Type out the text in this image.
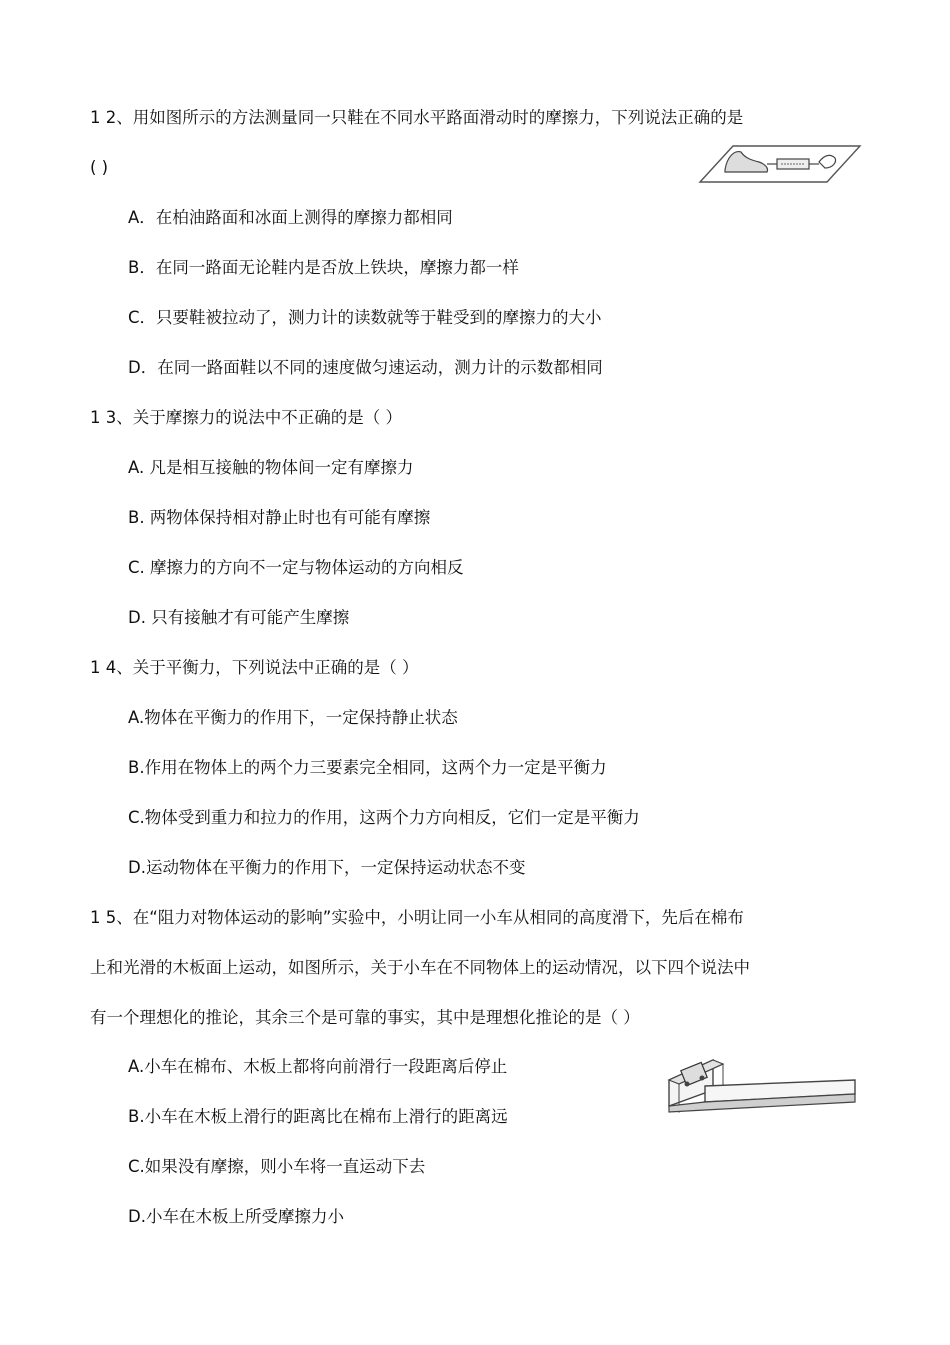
1 2、用如图所示的方法测量同一只鞋在不同水平路面滑动时的摩擦力，下列说法正确的是
( )
A．在柏油路面和冰面上测得的摩擦力都相同
B．在同一路面无论鞋内是否放上铁块，摩擦力都一样
C．只要鞋被拉动了，测力计的读数就等于鞋受到的摩擦力的大小
D．在同一路面鞋以不同的速度做匀速运动，测力计的示数都相同
1 3、关于摩擦力的说法中不正确的是（ ）
A. 凡是相互接触的物体间一定有摩擦力
B. 两物体保持相对静止时也有可能有摩擦
C. 摩擦力的方向不一定与物体运动的方向相反
D. 只有接触才有可能产生摩擦
1 4、关于平衡力，下列说法中正确的是（ ）
A.物体在平衡力的作用下，一定保持静止状态
B.作用在物体上的两个力三要素完全相同，这两个力一定是平衡力
C.物体受到重力和拉力的作用，这两个力方向相反，它们一定是平衡力
D.运动物体在平衡力的作用下，一定保持运动状态不变
1 5、在“阻力对物体运动的影响”实验中，小明让同一小车从相同的高度滑下，先后在棉布
上和光滑的木板面上运动，如图所示，关于小车在不同物体上的运动情况，以下四个说法中
有一个理想化的推论，其余三个是可靠的事实，其中是理想化推论的是（ ）
A.小车在棉布、木板上都将向前滑行一段距离后停止
B.小车在木板上滑行的距离比在棉布上滑行的距离远
C.如果没有摩擦，则小车将一直运动下去
D.小车在木板上所受摩擦力小
